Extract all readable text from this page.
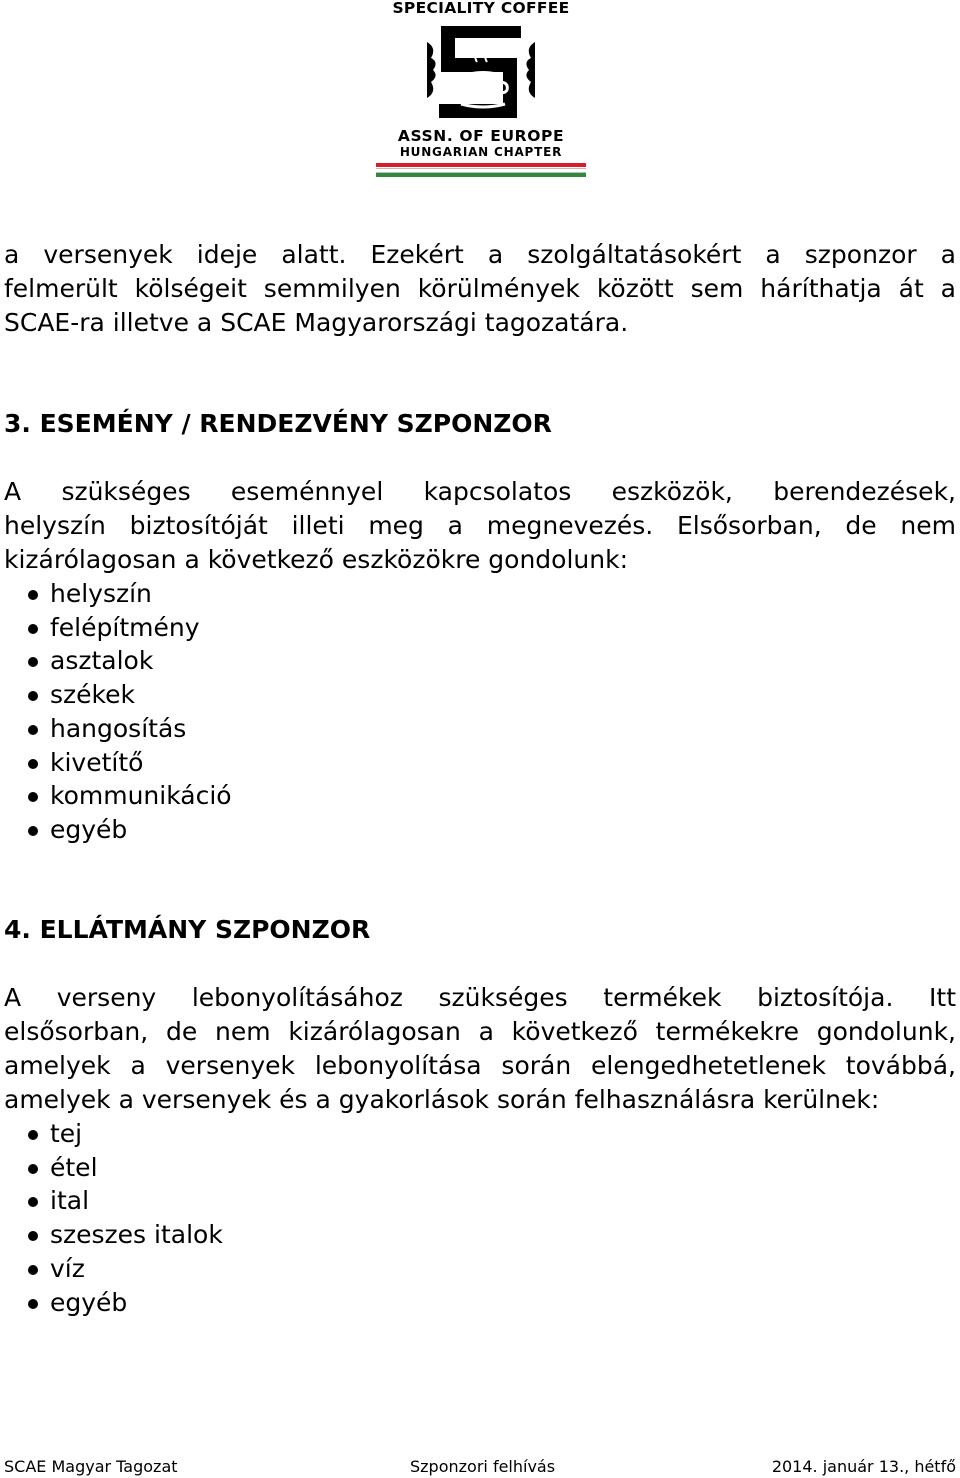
SPECIALITY COFFEE
ASSN. OF EUROPE
HUNGARIAN CHAPTER
a versenyek ideje alatt. Ezekért a szolgáltatásokért a szponzor a
felmerült kölségeit semmilyen körülmények között sem háríthatja át a
SCAE-ra illetve a SCAE Magyarországi tagozatára.
3. ESEMÉNY / RENDEZVÉNY SZPONZOR
A szükséges eseménnyel kapcsolatos eszközök, berendezések,
helyszín biztosítóját illeti meg a megnevezés. Elsősorban, de nem
kizárólagosan a következő eszközökre gondolunk:
helyszín
felépítmény
asztalok
székek
hangosítás
kivetítő
kommunikáció
egyéb
4. ELLÁTMÁNY SZPONZOR
A verseny lebonyolításához szükséges termékek biztosítója. Itt
elsősorban, de nem kizárólagosan a következő termékekre gondolunk,
amelyek a versenyek lebonyolítása során elengedhetetlenek továbbá,
amelyek a versenyek és a gyakorlások során felhasználásra kerülnek:
tej
étel
ital
szeszes italok
víz
egyéb
SCAE Magyar Tagozat	Szponzori felhívás	2014. január 13., hétfő
